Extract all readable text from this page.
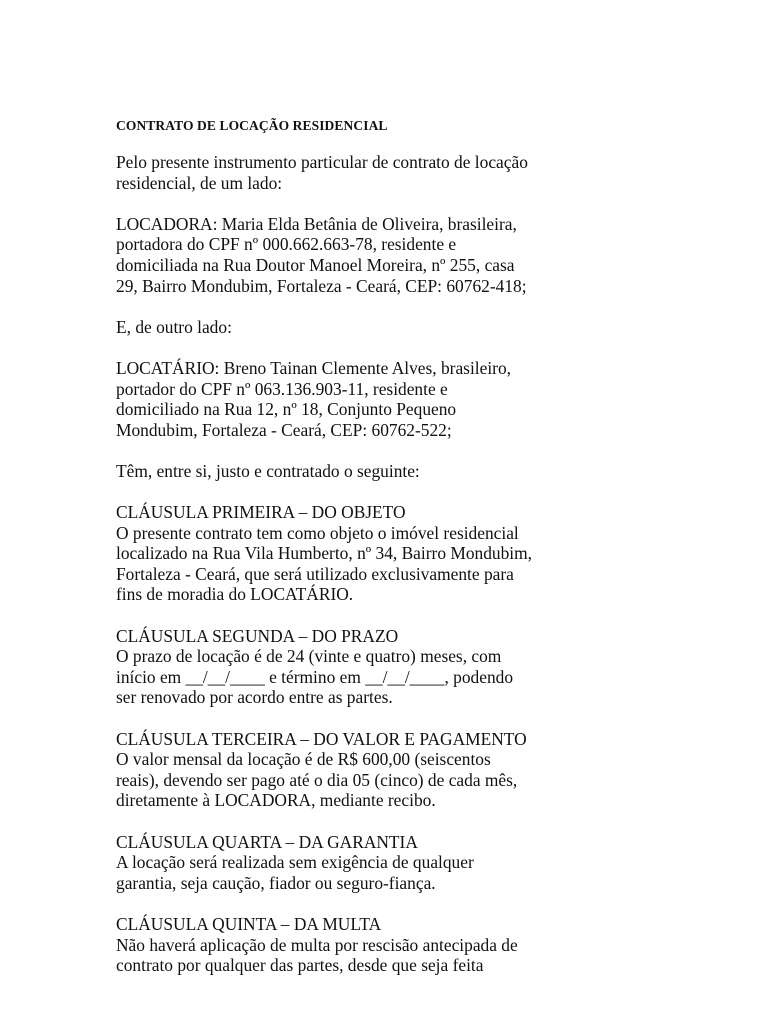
CONTRATO DE LOCAÇÃO RESIDENCIAL
Pelo presente instrumento particular de contrato de locação
residencial, de um lado:
LOCADORA: Maria Elda Betânia de Oliveira, brasileira,
portadora do CPF nº 000.662.663-78, residente e
domiciliada na Rua Doutor Manoel Moreira, nº 255, casa
29, Bairro Mondubim, Fortaleza - Ceará, CEP: 60762-418;
E, de outro lado:
LOCATÁRIO: Breno Tainan Clemente Alves, brasileiro,
portador do CPF nº 063.136.903-11, residente e
domiciliado na Rua 12, nº 18, Conjunto Pequeno
Mondubim, Fortaleza - Ceará, CEP: 60762-522;
Têm, entre si, justo e contratado o seguinte:
CLÁUSULA PRIMEIRA – DO OBJETO
O presente contrato tem como objeto o imóvel residencial
localizado na Rua Vila Humberto, nº 34, Bairro Mondubim,
Fortaleza - Ceará, que será utilizado exclusivamente para
fins de moradia do LOCATÁRIO.
CLÁUSULA SEGUNDA – DO PRAZO
O prazo de locação é de 24 (vinte e quatro) meses, com
início em __/__/____ e término em __/__/____, podendo
ser renovado por acordo entre as partes.
CLÁUSULA TERCEIRA – DO VALOR E PAGAMENTO
O valor mensal da locação é de R$ 600,00 (seiscentos
reais), devendo ser pago até o dia 05 (cinco) de cada mês,
diretamente à LOCADORA, mediante recibo.
CLÁUSULA QUARTA – DA GARANTIA
A locação será realizada sem exigência de qualquer
garantia, seja caução, fiador ou seguro-fiança.
CLÁUSULA QUINTA – DA MULTA
Não haverá aplicação de multa por rescisão antecipada de
contrato por qualquer das partes, desde que seja feita
